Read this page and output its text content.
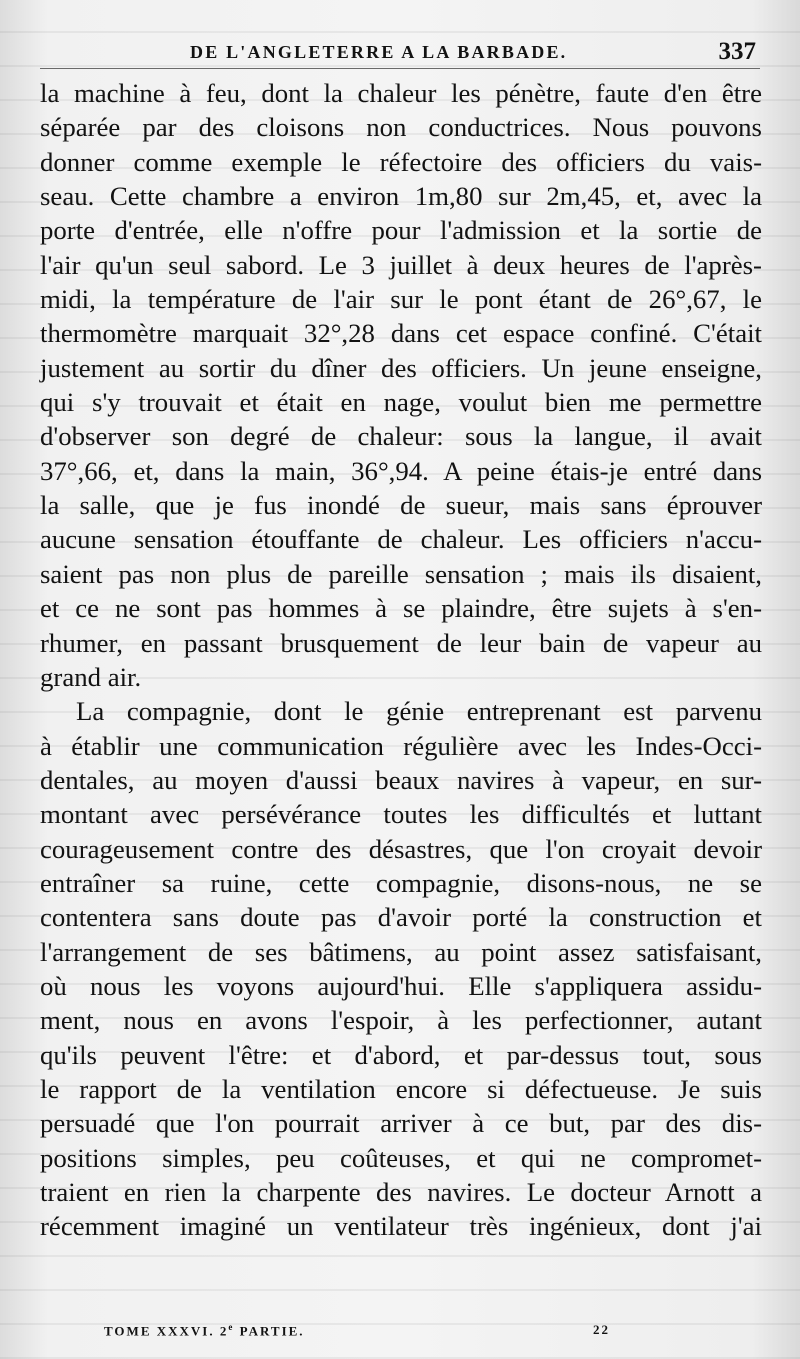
DE L'ANGLETERRE A LA BARBADE.	337
la machine à feu, dont la chaleur les pénètre, faute d'en être
séparée par des cloisons non conductrices. Nous pouvons
donner comme exemple le réfectoire des officiers du vais-
seau. Cette chambre a environ 1m,80 sur 2m,45, et, avec la
porte d'entrée, elle n'offre pour l'admission et la sortie de
l'air qu'un seul sabord. Le 3 juillet à deux heures de l'après-
midi, la température de l'air sur le pont étant de 26°,67, le
thermomètre marquait 32°,28 dans cet espace confiné. C'était
justement au sortir du dîner des officiers. Un jeune enseigne,
qui s'y trouvait et était en nage, voulut bien me permettre
d'observer son degré de chaleur: sous la langue, il avait
37°,66, et, dans la main, 36°,94. A peine étais-je entré dans
la salle, que je fus inondé de sueur, mais sans éprouver
aucune sensation étouffante de chaleur. Les officiers n'accu-
saient pas non plus de pareille sensation ; mais ils disaient,
et ce ne sont pas hommes à se plaindre, être sujets à s'en-
rhumer, en passant brusquement de leur bain de vapeur au
grand air.
La compagnie, dont le génie entreprenant est parvenu
à établir une communication régulière avec les Indes-Occi-
dentales, au moyen d'aussi beaux navires à vapeur, en sur-
montant avec persévérance toutes les difficultés et luttant
courageusement contre des désastres, que l'on croyait devoir
entraîner sa ruine, cette compagnie, disons-nous, ne se
contentera sans doute pas d'avoir porté la construction et
l'arrangement de ses bâtimens, au point assez satisfaisant,
où nous les voyons aujourd'hui. Elle s'appliquera assidu-
ment, nous en avons l'espoir, à les perfectionner, autant
qu'ils peuvent l'être: et d'abord, et par-dessus tout, sous
le rapport de la ventilation encore si défectueuse. Je suis
persuadé que l'on pourrait arriver à ce but, par des dis-
positions simples, peu coûteuses, et qui ne compromet-
traient en rien la charpente des navires. Le docteur Arnott a
récemment imaginé un ventilateur très ingénieux, dont j'ai
TOME XXXVI. 2e PARTIE.	22
